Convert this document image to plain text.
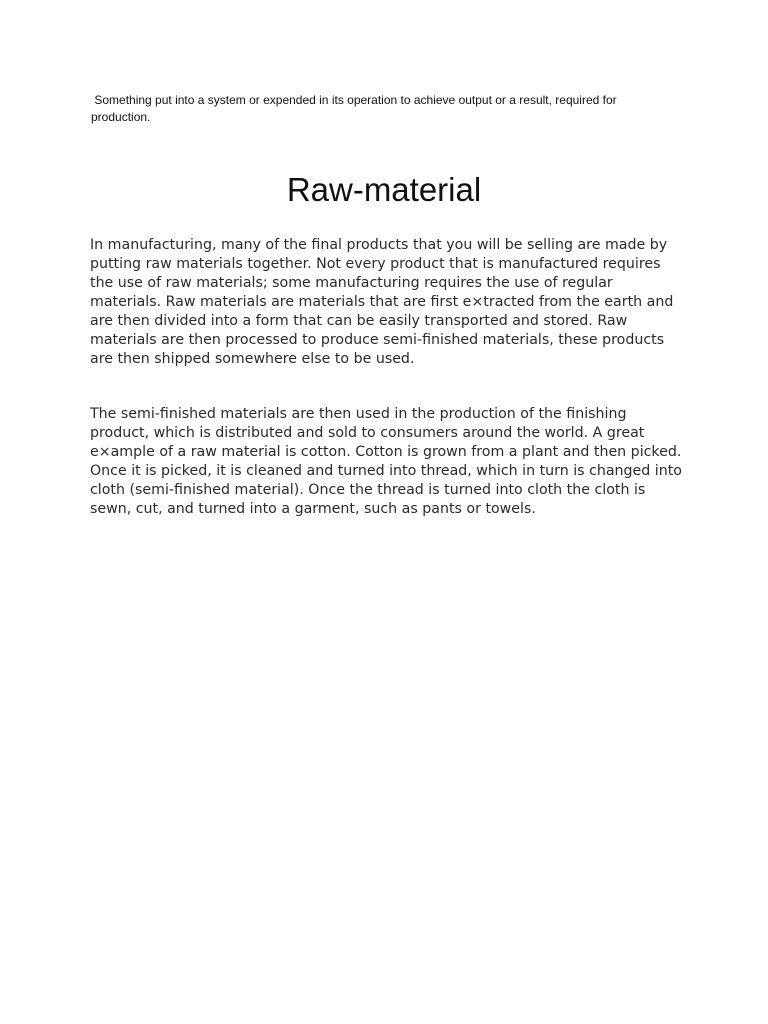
Something put into a system or expended in its operation to achieve output or a result, required for production.

Raw-material

In manufacturing, many of the final products that you will be selling are made by putting raw materials together. Not every product that is manufactured requires the use of raw materials; some manufacturing requires the use of regular materials. Raw materials are materials that are first e×tracted from the earth and are then divided into a form that can be easily transported and stored. Raw materials are then processed to produce semi-finished materials, these products are then shipped somewhere else to be used.

The semi-finished materials are then used in the production of the finishing product, which is distributed and sold to consumers around the world. A great e×ample of a raw material is cotton. Cotton is grown from a plant and then picked. Once it is picked, it is cleaned and turned into thread, which in turn is changed into cloth (semi-finished material). Once the thread is turned into cloth the cloth is sewn, cut, and turned into a garment, such as pants or towels.
